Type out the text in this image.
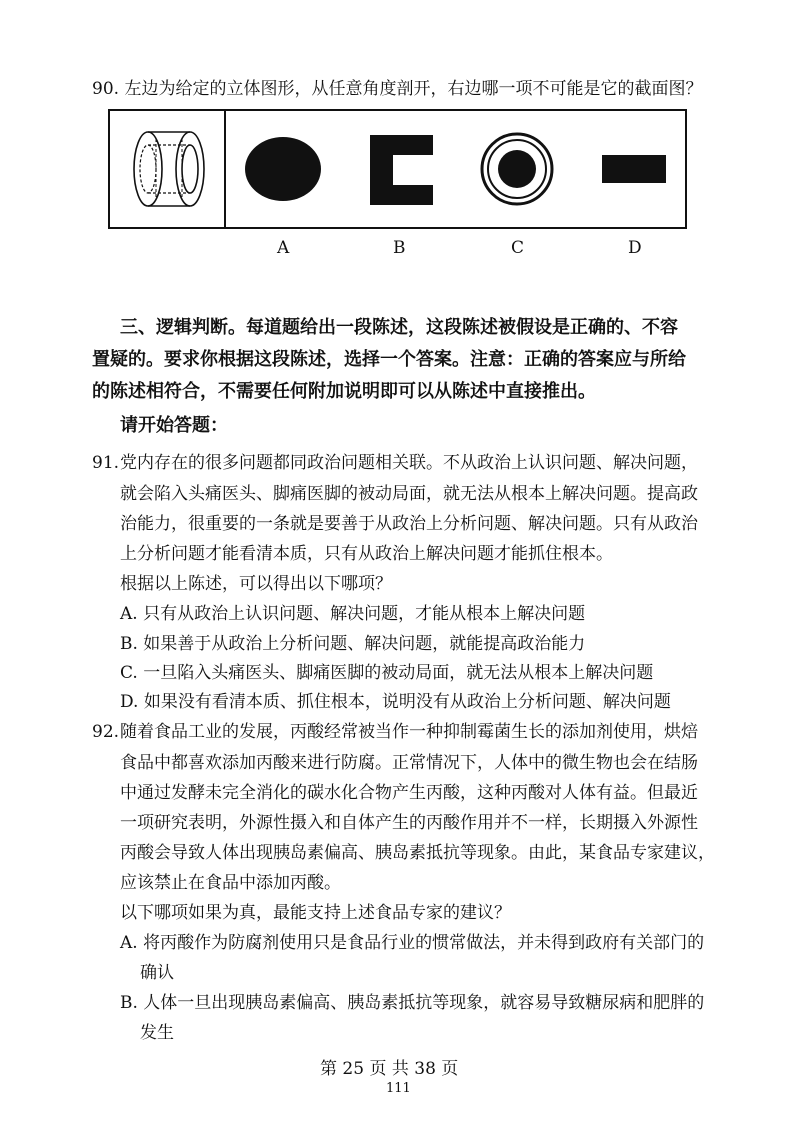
90. 左边为给定的立体图形，从任意角度剖开，右边哪一项不可能是它的截面图？
A	B	C	D
三、逻辑判断。每道题给出一段陈述，这段陈述被假设是正确的、不容
置疑的。要求你根据这段陈述，选择一个答案。注意：正确的答案应与所给
的陈述相符合，不需要任何附加说明即可以从陈述中直接推出。
请开始答题：
91. 党内存在的很多问题都同政治问题相关联。不从政治上认识问题、解决问题，
就会陷入头痛医头、脚痛医脚的被动局面，就无法从根本上解决问题。提高政
治能力，很重要的一条就是要善于从政治上分析问题、解决问题。只有从政治
上分析问题才能看清本质，只有从政治上解决问题才能抓住根本。
根据以上陈述，可以得出以下哪项？
A. 只有从政治上认识问题、解决问题，才能从根本上解决问题
B. 如果善于从政治上分析问题、解决问题，就能提高政治能力
C. 一旦陷入头痛医头、脚痛医脚的被动局面，就无法从根本上解决问题
D. 如果没有看清本质、抓住根本，说明没有从政治上分析问题、解决问题
92. 随着食品工业的发展，丙酸经常被当作一种抑制霉菌生长的添加剂使用，烘焙
食品中都喜欢添加丙酸来进行防腐。正常情况下，人体中的微生物也会在结肠
中通过发酵未完全消化的碳水化合物产生丙酸，这种丙酸对人体有益。但最近
一项研究表明，外源性摄入和自体产生的丙酸作用并不一样，长期摄入外源性
丙酸会导致人体出现胰岛素偏高、胰岛素抵抗等现象。由此，某食品专家建议，
应该禁止在食品中添加丙酸。
以下哪项如果为真，最能支持上述食品专家的建议？
A. 将丙酸作为防腐剂使用只是食品行业的惯常做法，并未得到政府有关部门的
确认
B. 人体一旦出现胰岛素偏高、胰岛素抵抗等现象，就容易导致糖尿病和肥胖的
发生
第 25 页 共 38 页
111
